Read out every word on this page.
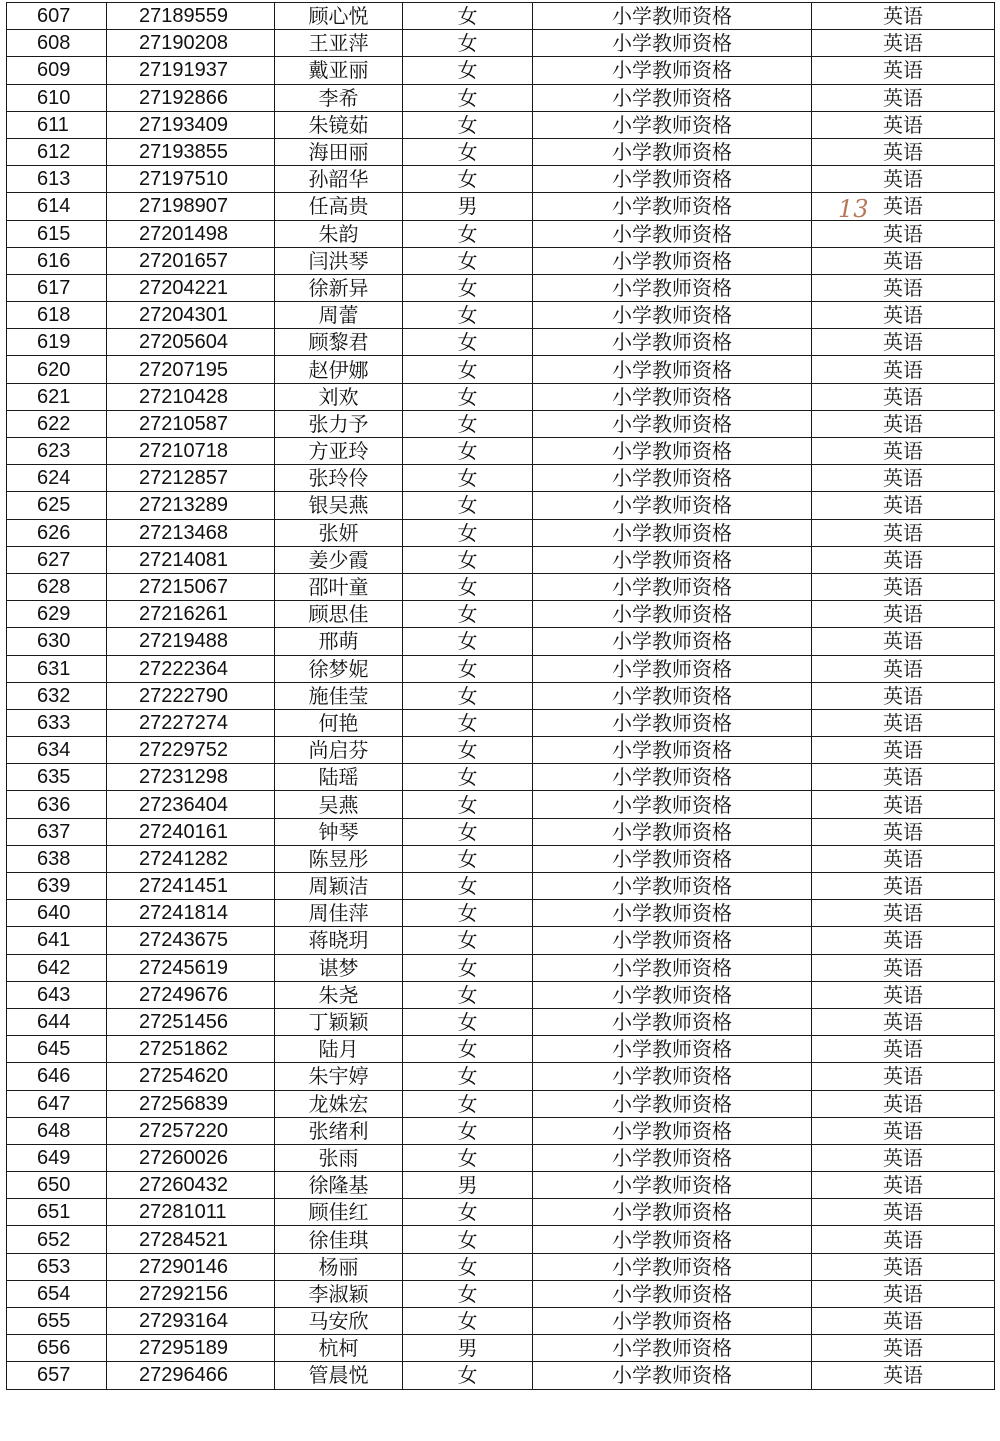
607	27189559	顾心悦	女	小学教师资格	英语
608	27190208	王亚萍	女	小学教师资格	英语
609	27191937	戴亚丽	女	小学教师资格	英语
610	27192866	李希	女	小学教师资格	英语
611	27193409	朱镜茹	女	小学教师资格	英语
612	27193855	海田丽	女	小学教师资格	英语
613	27197510	孙韶华	女	小学教师资格	英语
614	27198907	任高贵	男	小学教师资格	英语
615	27201498	朱韵	女	小学教师资格	英语
616	27201657	闫洪琴	女	小学教师资格	英语
617	27204221	徐新异	女	小学教师资格	英语
618	27204301	周蕾	女	小学教师资格	英语
619	27205604	顾黎君	女	小学教师资格	英语
620	27207195	赵伊娜	女	小学教师资格	英语
621	27210428	刘欢	女	小学教师资格	英语
622	27210587	张力予	女	小学教师资格	英语
623	27210718	方亚玲	女	小学教师资格	英语
624	27212857	张玲伶	女	小学教师资格	英语
625	27213289	银吴燕	女	小学教师资格	英语
626	27213468	张妍	女	小学教师资格	英语
627	27214081	姜少霞	女	小学教师资格	英语
628	27215067	邵叶童	女	小学教师资格	英语
629	27216261	顾思佳	女	小学教师资格	英语
630	27219488	邢萌	女	小学教师资格	英语
631	27222364	徐梦妮	女	小学教师资格	英语
632	27222790	施佳莹	女	小学教师资格	英语
633	27227274	何艳	女	小学教师资格	英语
634	27229752	尚启芬	女	小学教师资格	英语
635	27231298	陆瑶	女	小学教师资格	英语
636	27236404	吴燕	女	小学教师资格	英语
637	27240161	钟琴	女	小学教师资格	英语
638	27241282	陈昱彤	女	小学教师资格	英语
639	27241451	周颖洁	女	小学教师资格	英语
640	27241814	周佳萍	女	小学教师资格	英语
641	27243675	蒋晓玥	女	小学教师资格	英语
642	27245619	谌梦	女	小学教师资格	英语
643	27249676	朱尧	女	小学教师资格	英语
644	27251456	丁颖颖	女	小学教师资格	英语
645	27251862	陆月	女	小学教师资格	英语
646	27254620	朱宇婷	女	小学教师资格	英语
647	27256839	龙姝宏	女	小学教师资格	英语
648	27257220	张绪利	女	小学教师资格	英语
649	27260026	张雨	女	小学教师资格	英语
650	27260432	徐隆基	男	小学教师资格	英语
651	27281011	顾佳红	女	小学教师资格	英语
652	27284521	徐佳琪	女	小学教师资格	英语
653	27290146	杨丽	女	小学教师资格	英语
654	27292156	李淑颖	女	小学教师资格	英语
655	27293164	马安欣	女	小学教师资格	英语
656	27295189	杭柯	男	小学教师资格	英语
657	27296466	管晨悦	女	小学教师资格	英语
13
